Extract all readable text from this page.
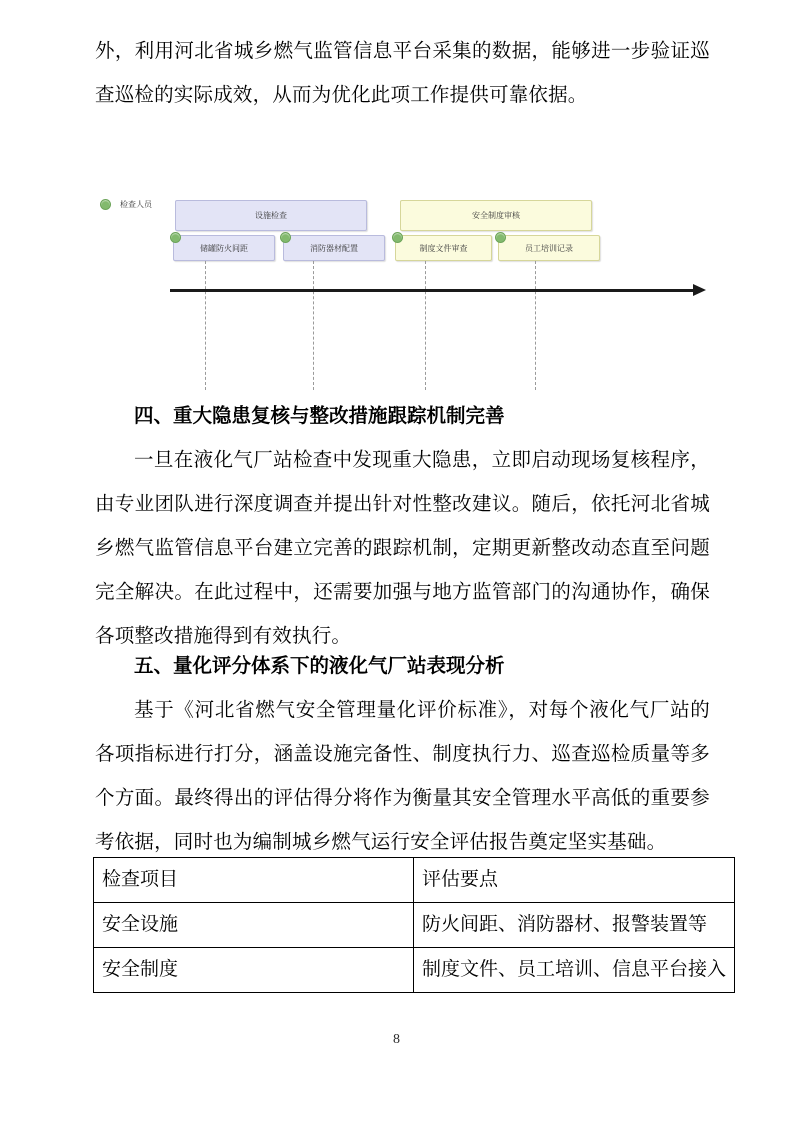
外，利用河北省城乡燃气监管信息平台采集的数据，能够进一步验证巡查巡检的实际成效，从而为优化此项工作提供可靠依据。
检查人员
设施检查	安全制度审核
储罐防火间距	消防器材配置	制度文件审查	员工培训记录
四、重大隐患复核与整改措施跟踪机制完善
一旦在液化气厂站检查中发现重大隐患，立即启动现场复核程序，由专业团队进行深度调查并提出针对性整改建议。随后，依托河北省城乡燃气监管信息平台建立完善的跟踪机制，定期更新整改动态直至问题完全解决。在此过程中，还需要加强与地方监管部门的沟通协作，确保各项整改措施得到有效执行。
五、量化评分体系下的液化气厂站表现分析
基于《河北省燃气安全管理量化评价标准》，对每个液化气厂站的各项指标进行打分，涵盖设施完备性、制度执行力、巡查巡检质量等多个方面。最终得出的评估得分将作为衡量其安全管理水平高低的重要参考依据，同时也为编制城乡燃气运行安全评估报告奠定坚实基础。
检查项目	评估要点
安全设施	防火间距、消防器材、报警装置等
安全制度	制度文件、员工培训、信息平台接入
8
